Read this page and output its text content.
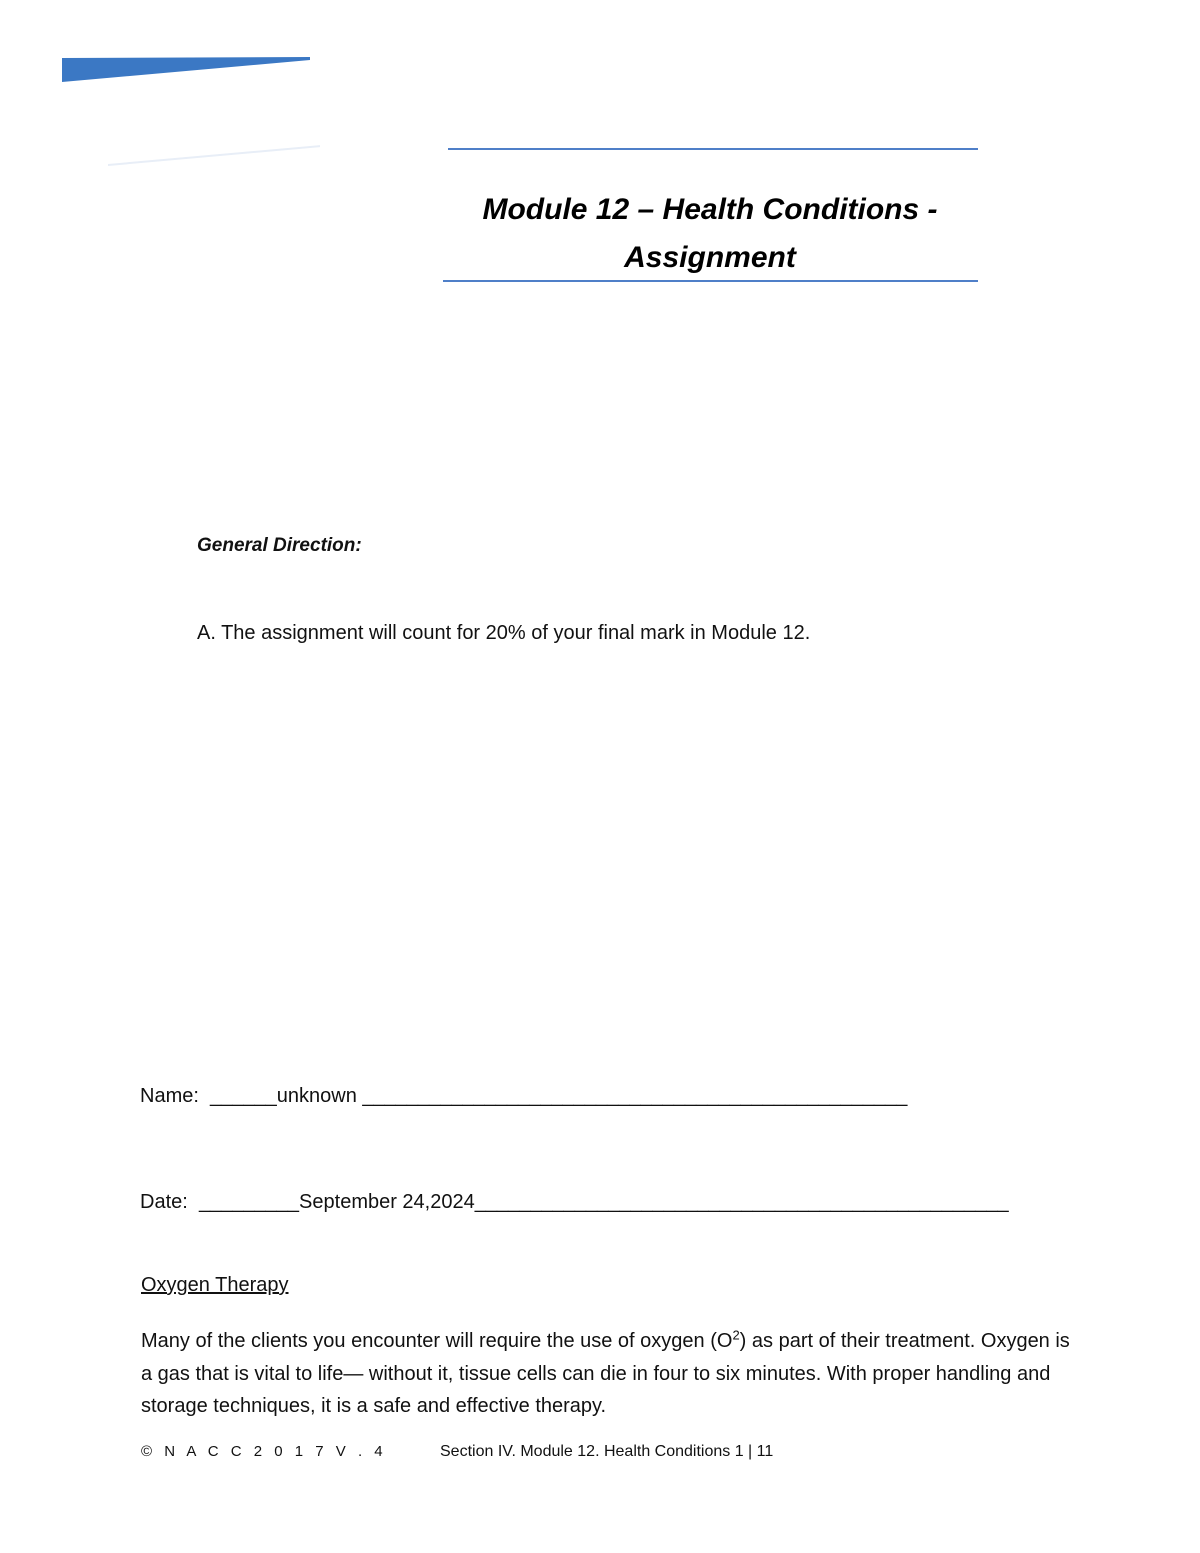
Module 12 – Health Conditions -
Assignment
General Direction:
A. The assignment will count for 20% of your final mark in Module 12.
Name: ______unknown _________________________________________________
Date: _________September 24,2024________________________________________________
Oxygen Therapy
Many of the clients you encounter will require the use of oxygen $(O^2)$ as part of their treatment. Oxygen is a gas that is vital to life— without it, tissue cells can die in four to six minutes. With proper handling and storage techniques, it is a safe and effective therapy.
© N A C C 2 0 1 7 V . 4	Section IV. Module 12. Health Conditions 1 | 11
